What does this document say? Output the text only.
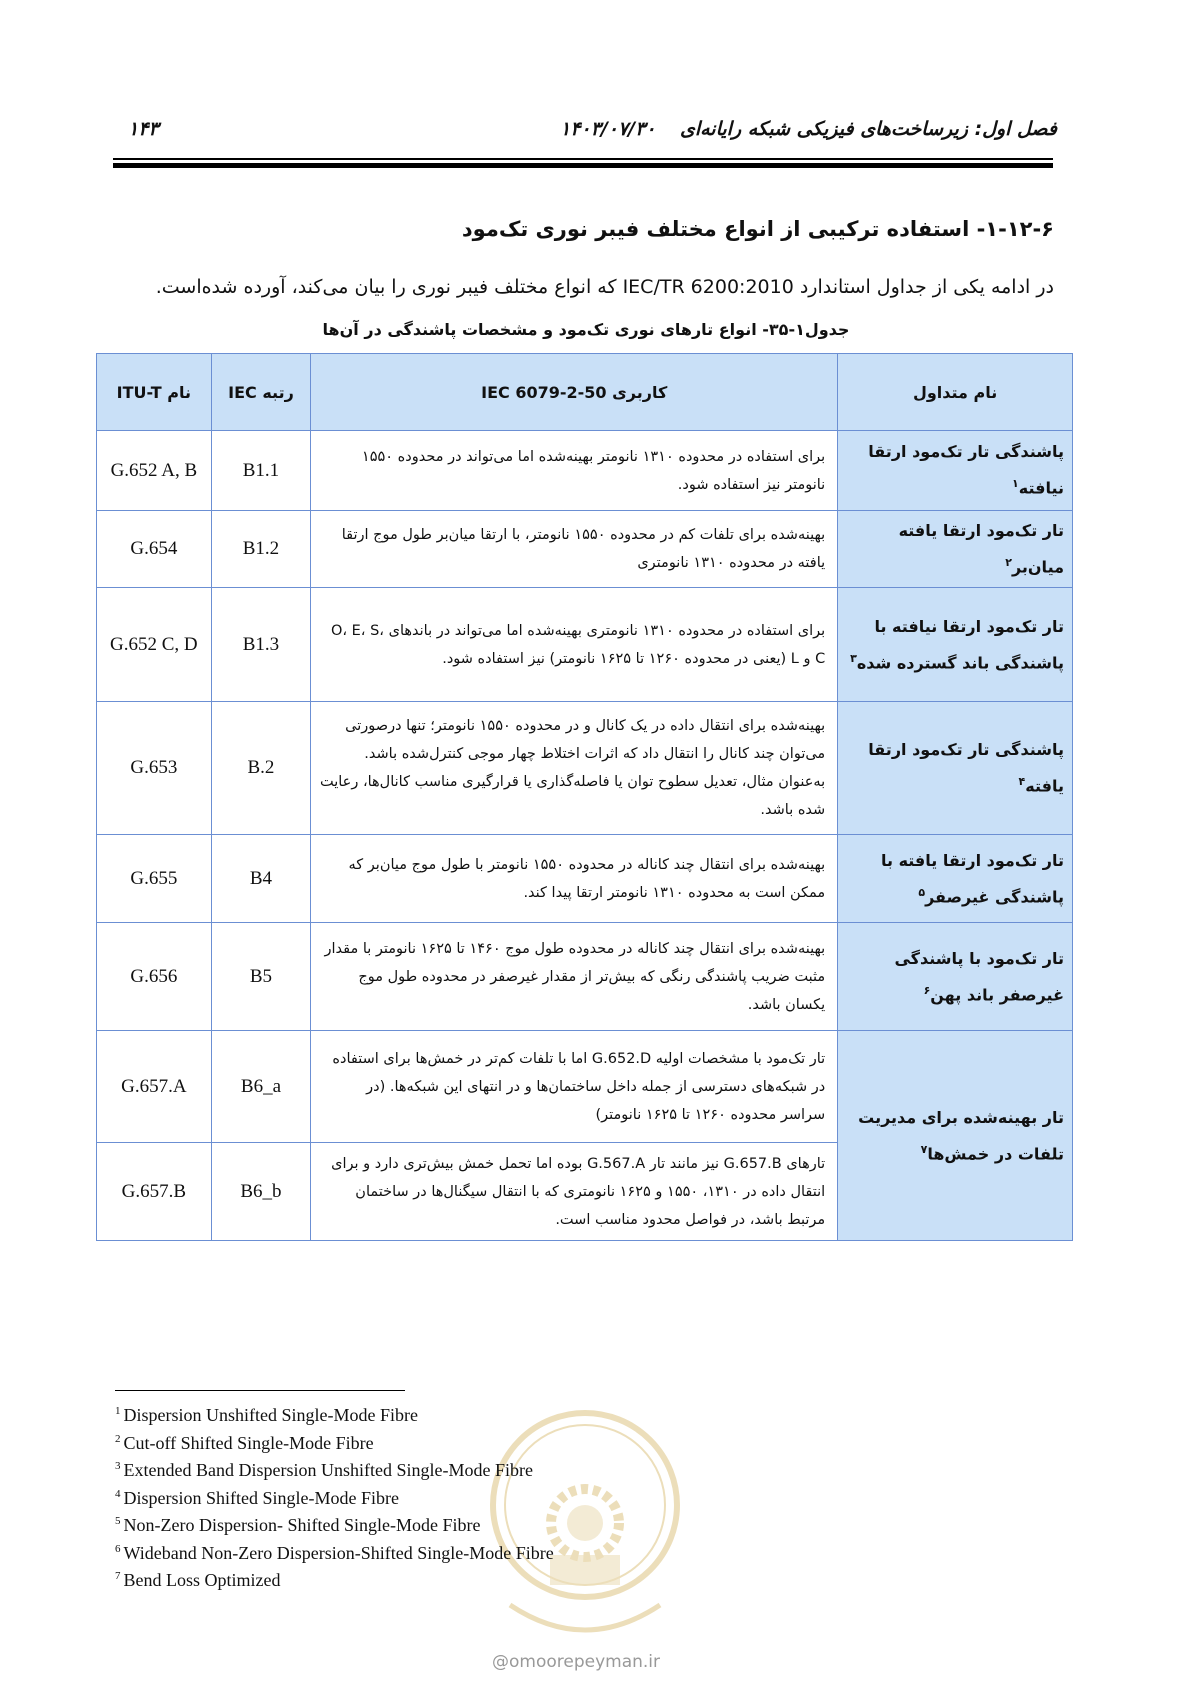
فصل اول: زیرساخت‌های فیزیکی شبکه رایانه‌ای
۱۴۰۳/۰۷/۳۰
۱۴۳
۱-۱۲-۶- استفاده ترکیبی از انواع مختلف فیبر نوری تک‌مود
در ادامه یکی از جداول استاندارد IEC/TR 6200:2010 که انواع مختلف فیبر نوری را بیان می‌کند، آورده شده‌است.
جدول۱-۳۵- انواع تارهای نوری تک‌مود و مشخصات پاشندگی در آن‌ها
نام متداول	کاربری IEC 6079-2-50	رتبه IEC	نام ITU-T
پاشندگی تار تک‌مود ارتقا نیافته$^۱$	برای استفاده در محدوده ۱۳۱۰ نانومتر بهینه‌شده اما می‌تواند در محدوده ۱۵۵۰ نانومتر نیز استفاده شود.	B1.1	G.652 A, B
تار تک‌مود ارتقا یافته میان‌بر$^۲$	بهینه‌شده برای تلفات کم در محدوده ۱۵۵۰ نانومتر، با ارتقا میان‌بر طول موج ارتقا یافته در محدوده ۱۳۱۰ نانومتری	B1.2	G.654
تار تک‌مود ارتقا نیافته با پاشندگی باند گسترده شده$^۳$	برای استفاده در محدوده ۱۳۱۰ نانومتری بهینه‌شده اما می‌تواند در باندهای O، E، S، C و L (یعنی در محدوده ۱۲۶۰ تا ۱۶۲۵ نانومتر) نیز استفاده شود.	B1.3	G.652 C, D
پاشندگی تار تک‌مود ارتقا یافته$^۴$	بهینه‌شده برای انتقال داده در یک کانال و در محدوده ۱۵۵۰ نانومتر؛ تنها درصورتی می‌توان چند کانال را انتقال داد که اثرات اختلاط چهار موجی کنترل‌شده باشد. به‌عنوان مثال، تعدیل سطوح توان یا فاصله‌گذاری یا قرارگیری مناسب کانال‌ها، رعایت شده باشد.	B.2	G.653
تار تک‌مود ارتقا یافته با پاشندگی غیرصفر$^۵$	بهینه‌شده برای انتقال چند کاناله در محدوده ۱۵۵۰ نانومتر با طول موج میان‌بر که ممکن است به محدوده ۱۳۱۰ نانومتر ارتقا پیدا کند.	B4	G.655
تار تک‌مود با پاشندگی غیرصفر باند پهن$^۶$	بهینه‌شده برای انتقال چند کاناله در محدوده طول موج ۱۴۶۰ تا ۱۶۲۵ نانومتر با مقدار مثبت ضریب پاشندگی رنگی که بیش‌تر از مقدار غیرصفر در محدوده طول موج یکسان باشد.	B5	G.656
تار بهینه‌شده برای مدیریت تلفات در خمش‌ها$^۷$	تار تک‌مود با مشخصات اولیه G.652.D اما با تلفات کم‌تر در خمش‌ها برای استفاده در شبکه‌های دسترسی از جمله داخل ساختمان‌ها و در انتهای این شبکه‌ها. (در سراسر محدوده ۱۲۶۰ تا ۱۶۲۵ نانومتر)	B6_a	G.657.A
	تارهای G.657.B نیز مانند تار G.567.A بوده اما تحمل خمش بیش‌تری دارد و برای انتقال داده در ۱۳۱۰، ۱۵۵۰ و ۱۶۲۵ نانومتری که با انتقال سیگنال‌ها در ساختمان مرتبط باشد، در فواصل محدود مناسب است.	B6_b	G.657.B
@omoorepeyman.ir
$^1$ Dispersion Unshifted Single-Mode Fibre
$^2$ Cut-off Shifted Single-Mode Fibre
$^3$ Extended Band Dispersion Unshifted Single-Mode Fibre
$^4$ Dispersion Shifted Single-Mode Fibre
$^5$ Non-Zero Dispersion- Shifted Single-Mode Fibre
$^6$ Wideband Non-Zero Dispersion-Shifted Single-Mode Fibre
$^7$ Bend Loss Optimized
